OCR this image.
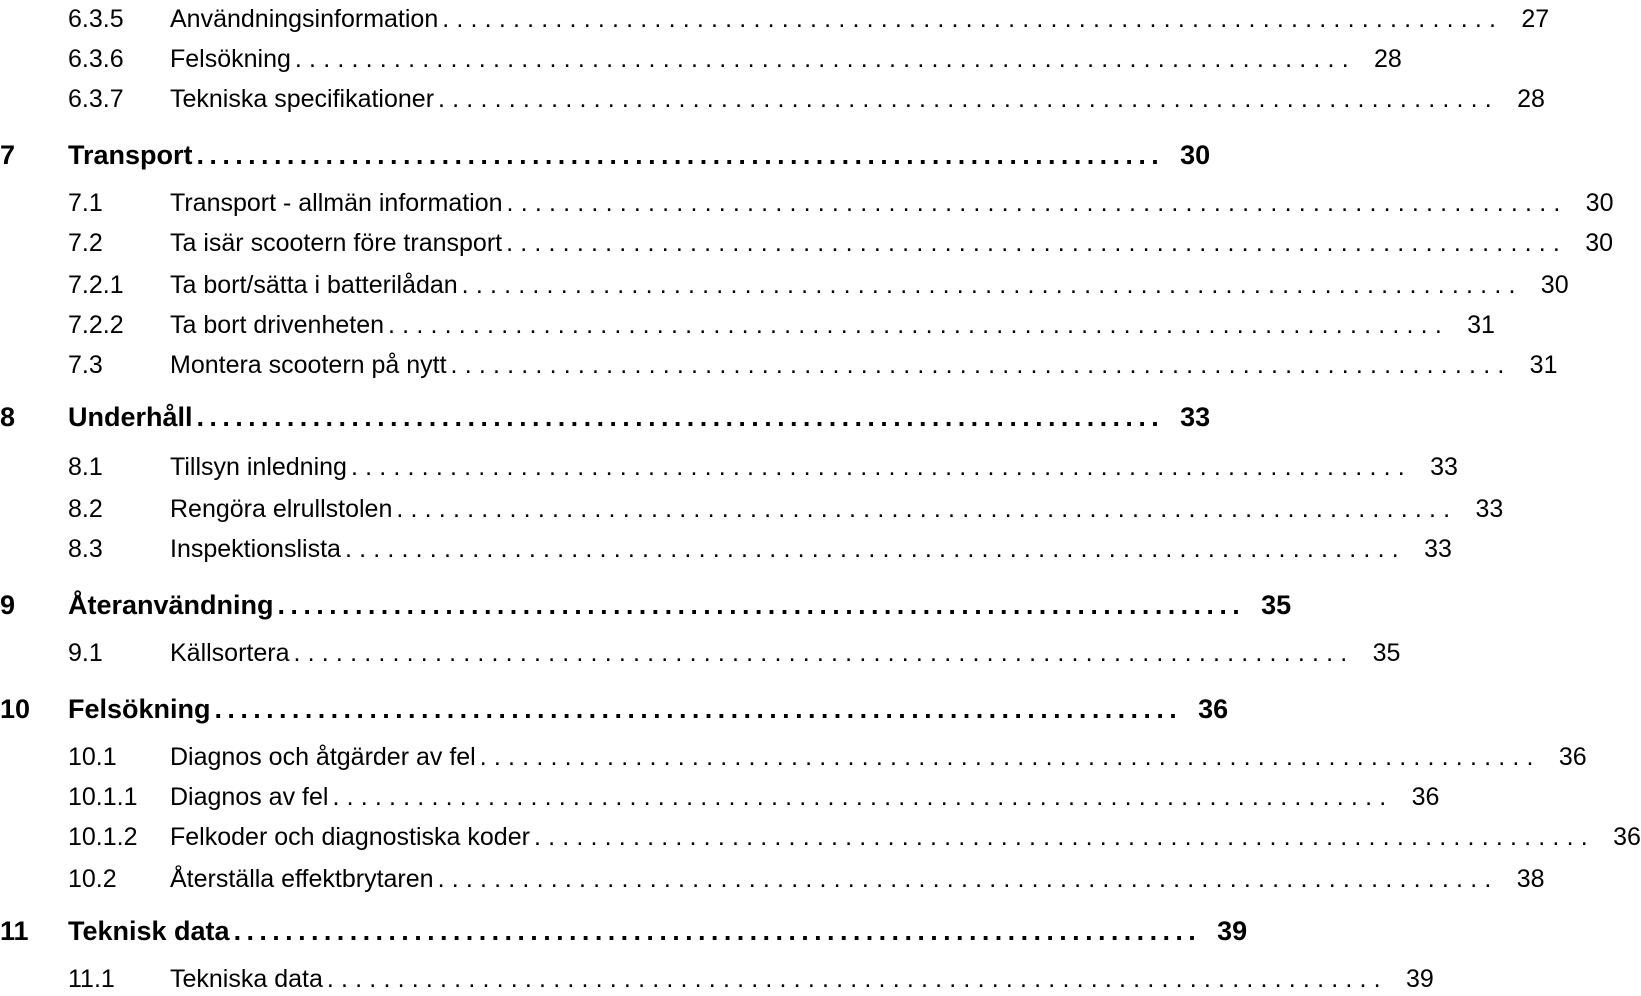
6.3.5 Användningsinformation ........................................................................... 27
6.3.6 Felsökning ........................................................................... 28
6.3.7 Tekniska specifikationer ........................................................................... 28
7 Transport ........................................................................... 30
7.1	Transport - allmän information ........................................................................... 30
7.2	Ta isär scootern före transport ........................................................................... 30
7.2.1 Ta bort/sätta i batterilådan ........................................................................... 30
7.2.2 Ta bort drivenheten ........................................................................... 31
7.3	Montera scootern på nytt ........................................................................... 31
8 Underhåll ........................................................................... 33
8.1	Tillsyn inledning ........................................................................... 33
8.2	Rengöra elrullstolen ........................................................................... 33
8.3	Inspektionslista ........................................................................... 33
9 Återanvändning ........................................................................... 35
9.1	Källsortera ........................................................................... 35
10 Felsökning ........................................................................... 36
10.1 Diagnos och åtgärder av fel ........................................................................... 36
10.1.1 Diagnos av fel ........................................................................... 36
10.1.2 Felkoder och diagnostiska koder ........................................................................... 36
10.2 Återställa effektbrytaren ........................................................................... 38
11 Teknisk data ........................................................................... 39
11.1 Tekniska data ........................................................................... 39
